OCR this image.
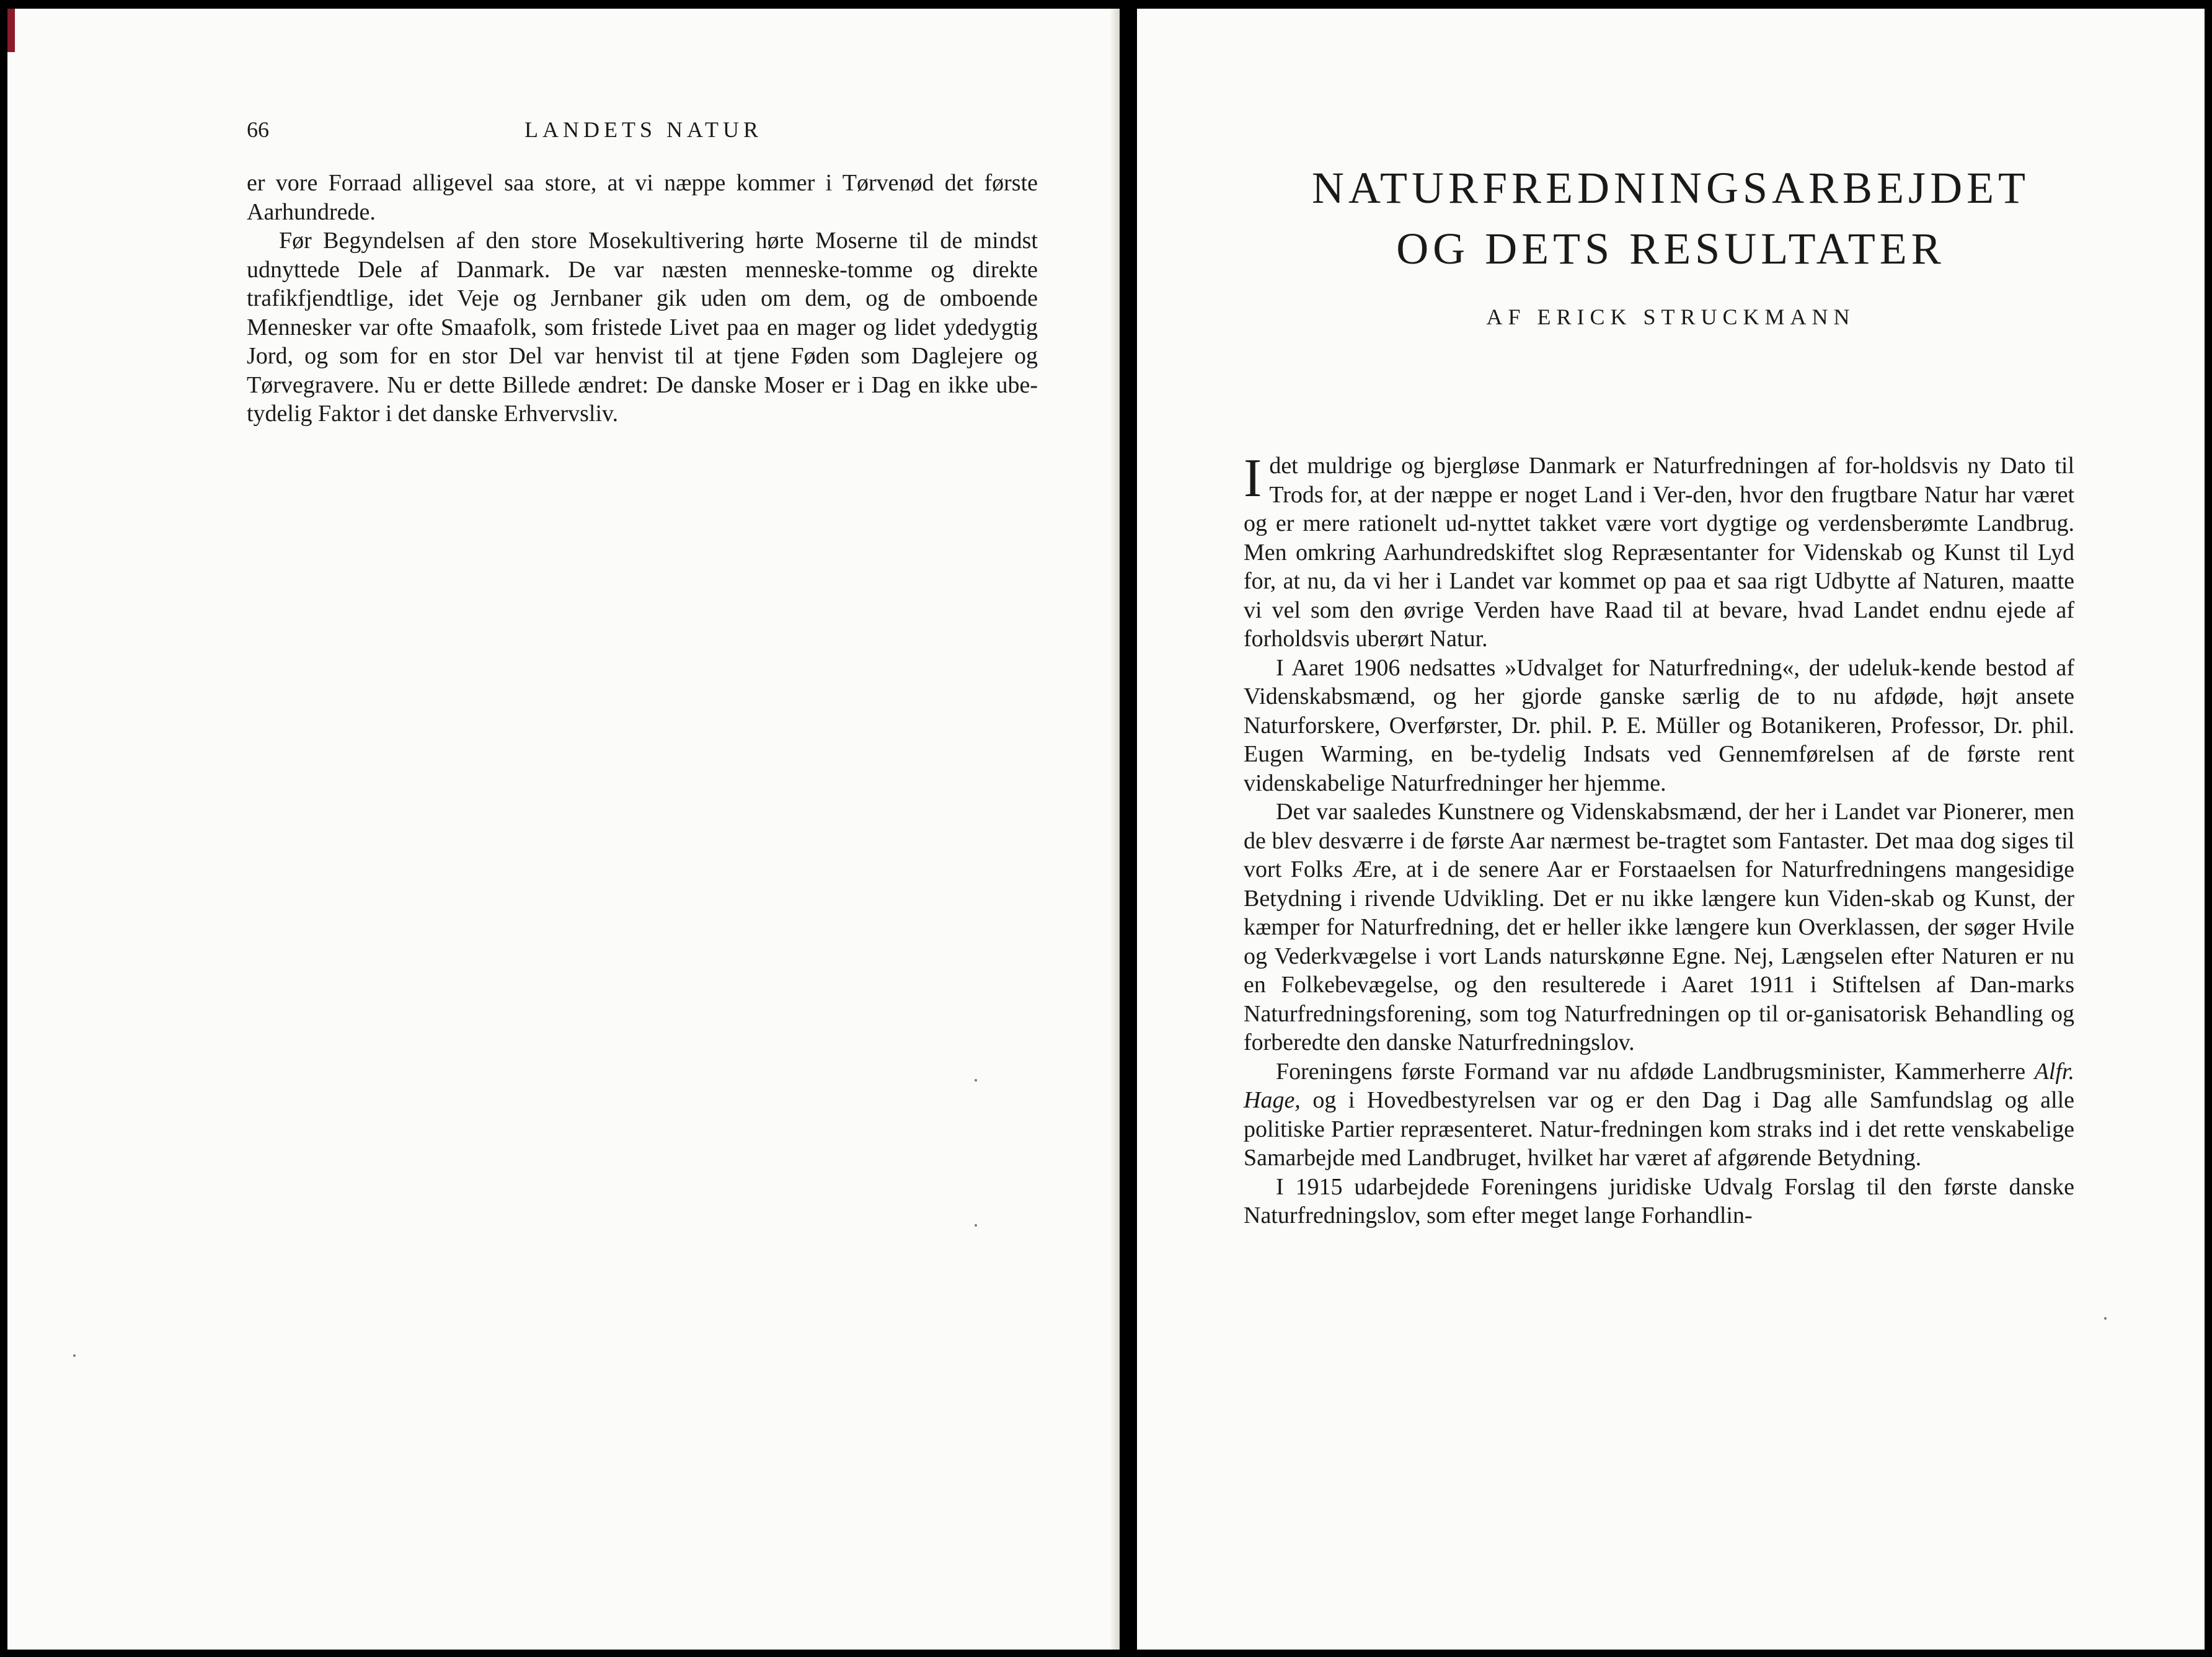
66	LANDETS NATUR

er vore Forraad alligevel saa store, at vi næppe kommer i Tørvenød det første Aarhundrede.

Før Begyndelsen af den store Mosekultivering hørte Moserne til de mindst udnyttede Dele af Danmark. De var næsten menneske-tomme og direkte trafikfjendtlige, idet Veje og Jernbaner gik uden om dem, og de omboende Mennesker var ofte Smaafolk, som fristede Livet paa en mager og lidet ydedygtig Jord, og som for en stor Del var henvist til at tjene Føden som Daglejere og Tørvegravere. Nu er dette Billede ændret: De danske Moser er i Dag en ikke ube-tydelig Faktor i det danske Erhvervsliv.

NATURFREDNINGSARBEJDET
OG DETS RESULTATER
AF ERICK STRUCKMANN

I det muldrige og bjergløse Danmark er Naturfredningen af for-holdsvis ny Dato til Trods for, at der næppe er noget Land i Ver-den, hvor den frugtbare Natur har været og er mere rationelt ud-nyttet takket være vort dygtige og verdensberømte Landbrug. Men omkring Aarhundredskiftet slog Repræsentanter for Videnskab og Kunst til Lyd for, at nu, da vi her i Landet var kommet op paa et saa rigt Udbytte af Naturen, maatte vi vel som den øvrige Verden have Raad til at bevare, hvad Landet endnu ejede af forholdsvis uberørt Natur.

I Aaret 1906 nedsattes »Udvalget for Naturfredning«, der udeluk-kende bestod af Videnskabsmænd, og her gjorde ganske særlig de to nu afdøde, højt ansete Naturforskere, Overførster, Dr. phil. P. E. Müller og Botanikeren, Professor, Dr. phil. Eugen Warming, en be-tydelig Indsats ved Gennemførelsen af de første rent videnskabelige Naturfredninger her hjemme.

Det var saaledes Kunstnere og Videnskabsmænd, der her i Landet var Pionerer, men de blev desværre i de første Aar nærmest be-tragtet som Fantaster. Det maa dog siges til vort Folks Ære, at i de senere Aar er Forstaaelsen for Naturfredningens mangesidige Betydning i rivende Udvikling. Det er nu ikke længere kun Viden-skab og Kunst, der kæmper for Naturfredning, det er heller ikke længere kun Overklassen, der søger Hvile og Vederkvægelse i vort Lands naturskønne Egne. Nej, Længselen efter Naturen er nu en Folkebevægelse, og den resulterede i Aaret 1911 i Stiftelsen af Dan-marks Naturfredningsforening, som tog Naturfredningen op til or-ganisatorisk Behandling og forberedte den danske Naturfredningslov.

Foreningens første Formand var nu afdøde Landbrugsminister, Kammerherre Alfr. Hage, og i Hovedbestyrelsen var og er den Dag i Dag alle Samfundslag og alle politiske Partier repræsenteret. Natur-fredningen kom straks ind i det rette venskabelige Samarbejde med Landbruget, hvilket har været af afgørende Betydning.

I 1915 udarbejdede Foreningens juridiske Udvalg Forslag til den første danske Naturfredningslov, som efter meget lange Forhandlin-
